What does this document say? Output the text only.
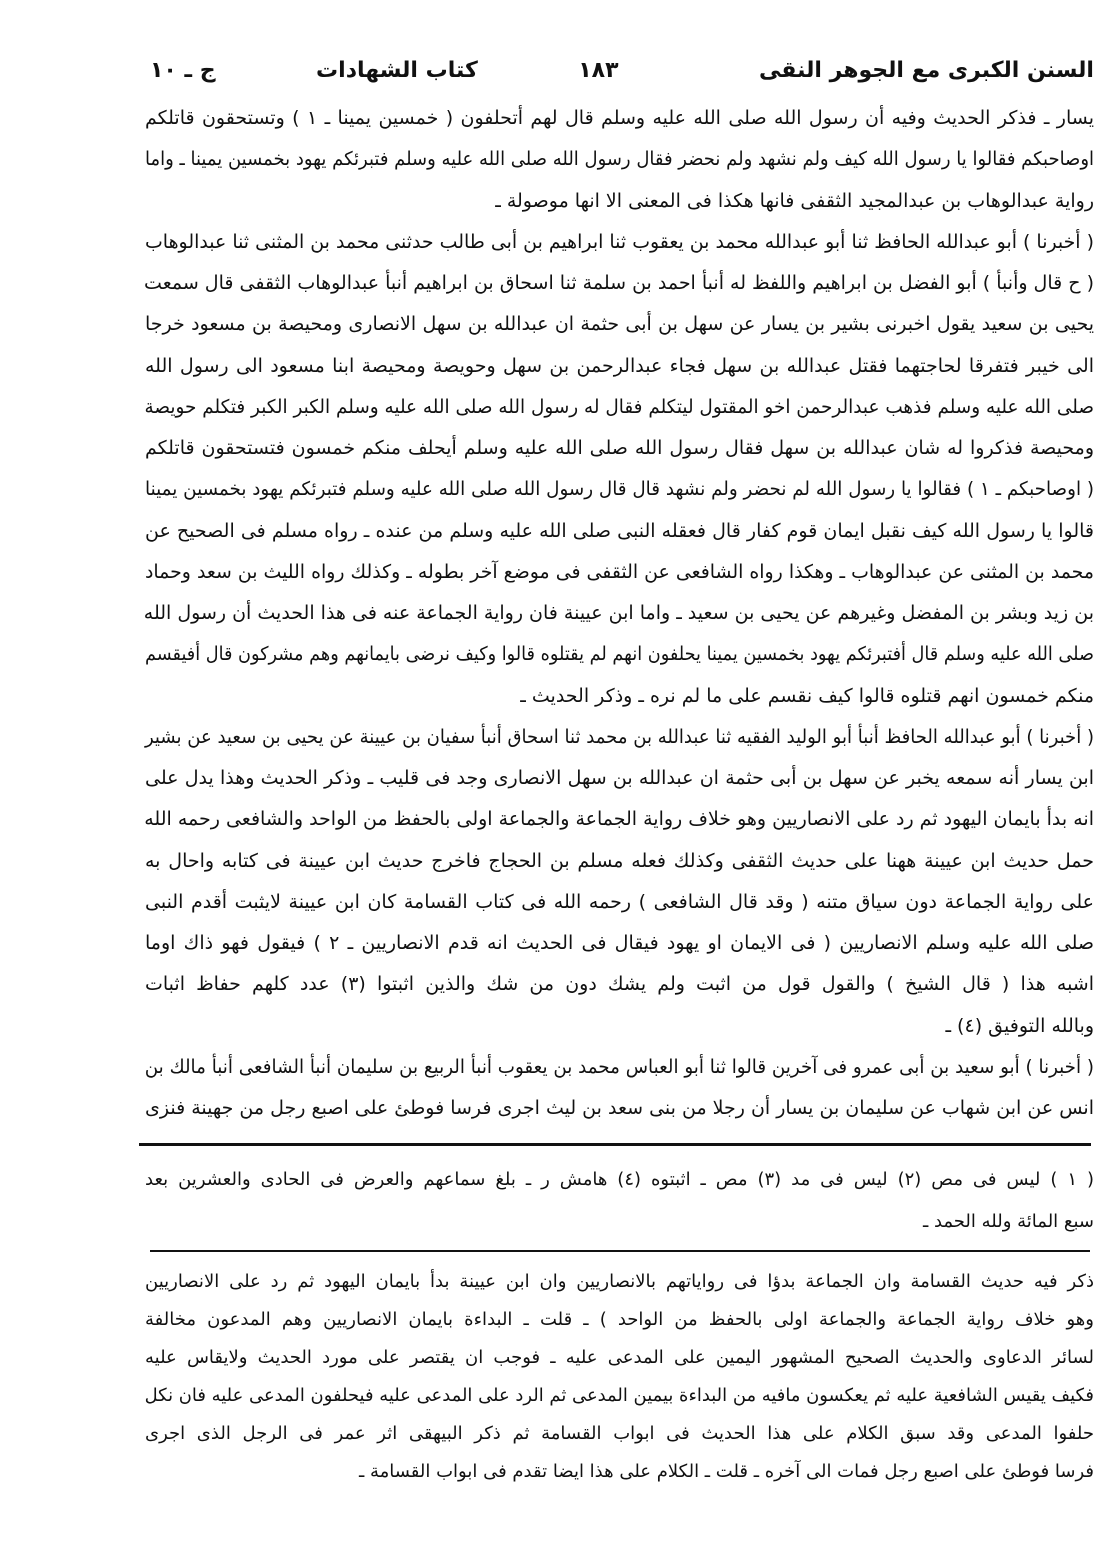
السنن الكبرى مع الجوهر النقى
١٨٣
كتاب الشهادات
ج ـ ١٠
يسار ـ فذكر الحديث وفيه أن رسول الله صلى الله عليه وسلم قال لهم أتحلفون ( خمسين يمينا ـ ١ ) وتستحقون قاتلكم
اوصاحبكم فقالوا يا رسول الله كيف ولم نشهد ولم نحضر فقال رسول الله صلى الله عليه وسلم فتبرئكم يهود بخمسين يمينا ـ واما
رواية عبدالوهاب بن عبدالمجيد الثقفى فانها هكذا فى المعنى الا انها موصولة ـ
( أخبرنا ) أبو عبدالله الحافظ ثنا أبو عبدالله محمد بن يعقوب ثنا ابراهيم بن أبى طالب حدثنى محمد بن المثنى ثنا عبدالوهاب
( ح قال وأنبأ ) أبو الفضل بن ابراهيم واللفظ له أنبأ احمد بن سلمة ثنا اسحاق بن ابراهيم أنبأ عبدالوهاب الثقفى قال سمعت
يحيى بن سعيد يقول اخبرنى بشير بن يسار عن سهل بن أبى حثمة ان عبدالله بن سهل الانصارى ومحيصة بن مسعود خرجا
الى خيبر فتفرقا لحاجتهما فقتل عبدالله بن سهل فجاء عبدالرحمن بن سهل وحويصة ومحيصة ابنا مسعود الى رسول الله
صلى الله عليه وسلم فذهب عبدالرحمن اخو المقتول ليتكلم فقال له رسول الله صلى الله عليه وسلم الكبر الكبر فتكلم حويصة
ومحيصة فذكروا له شان عبدالله بن سهل فقال رسول الله صلى الله عليه وسلم أيحلف منكم خمسون فتستحقون قاتلكم
( اوصاحبكم ـ ١ ) فقالوا يا رسول الله لم نحضر ولم نشهد قال قال رسول الله صلى الله عليه وسلم فتبرئكم يهود بخمسين يمينا
قالوا يا رسول الله كيف نقبل ايمان قوم كفار قال فعقله النبى صلى الله عليه وسلم من عنده ـ رواه مسلم فى الصحيح عن
محمد بن المثنى عن عبدالوهاب ـ وهكذا رواه الشافعى عن الثقفى فى موضع آخر بطوله ـ وكذلك رواه الليث بن سعد وحماد
بن زيد وبشر بن المفضل وغيرهم عن يحيى بن سعيد ـ واما ابن عيينة فان رواية الجماعة عنه فى هذا الحديث أن رسول الله
صلى الله عليه وسلم قال أفتبرئكم يهود بخمسين يمينا يحلفون انهم لم يقتلوه قالوا وكيف نرضى بايمانهم وهم مشركون قال أفيقسم
منكم خمسون انهم قتلوه قالوا كيف نقسم على ما لم نره ـ وذكر الحديث ـ
( أخبرنا ) أبو عبدالله الحافظ أنبأ أبو الوليد الفقيه ثنا عبدالله بن محمد ثنا اسحاق أنبأ سفيان بن عيينة عن يحيى بن سعيد عن بشير
ابن يسار أنه سمعه يخبر عن سهل بن أبى حثمة ان عبدالله بن سهل الانصارى وجد فى قليب ـ وذكر الحديث وهذا يدل على
انه بدأ بايمان اليهود ثم رد على الانصاريين وهو خلاف رواية الجماعة والجماعة اولى بالحفظ من الواحد والشافعى رحمه الله
حمل حديث ابن عيينة ههنا على حديث الثقفى وكذلك فعله مسلم بن الحجاج فاخرج حديث ابن عيينة فى كتابه واحال به
على رواية الجماعة دون سياق متنه ( وقد قال الشافعى ) رحمه الله فى كتاب القسامة كان ابن عيينة لايثبت أقدم النبى
صلى الله عليه وسلم الانصاريين ( فى الايمان او يهود فيقال فى الحديث انه قدم الانصاريين ـ ٢ ) فيقول فهو ذاك اوما
اشبه هذا ( قال الشيخ ) والقول قول من اثبت ولم يشك دون من شك والذين اثبتوا (٣) عدد كلهم حفاظ اثبات
وبالله التوفيق (٤) ـ
( أخبرنا ) أبو سعيد بن أبى عمرو فى آخرين قالوا ثنا أبو العباس محمد بن يعقوب أنبأ الربيع بن سليمان أنبأ الشافعى أنبأ مالك بن
انس عن ابن شهاب عن سليمان بن يسار أن رجلا من بنى سعد بن ليث اجرى فرسا فوطئ على اصبع رجل من جهينة فنزى
( ١ ) ليس فى مص (٢) ليس فى مد (٣) مص ـ اثبتوه (٤) هامش ر ـ بلغ سماعهم والعرض فى الحادى والعشرين بعد
سبع المائة ولله الحمد ـ
ذكر فيه حديث القسامة وان الجماعة بدؤا فى رواياتهم بالانصاريين وان ابن عيينة بدأ بايمان اليهود ثم رد على الانصاريين
وهو خلاف رواية الجماعة والجماعة اولى بالحفظ من الواحد ) ـ قلت ـ البداءة بايمان الانصاريين وهم المدعون مخالفة
لسائر الدعاوى والحديث الصحيح المشهور اليمين على المدعى عليه ـ فوجب ان يقتصر على مورد الحديث ولايقاس عليه
فكيف يقيس الشافعية عليه ثم يعكسون مافيه من البداءة بيمين المدعى ثم الرد على المدعى عليه فيحلفون المدعى عليه فان نكل
حلفوا المدعى وقد سبق الكلام على هذا الحديث فى ابواب القسامة ثم ذكر البيهقى اثر عمر فى الرجل الذى اجرى
فرسا فوطئ على اصبع رجل فمات الى آخره ـ قلت ـ الكلام على هذا ايضا تقدم فى ابواب القسامة ـ
